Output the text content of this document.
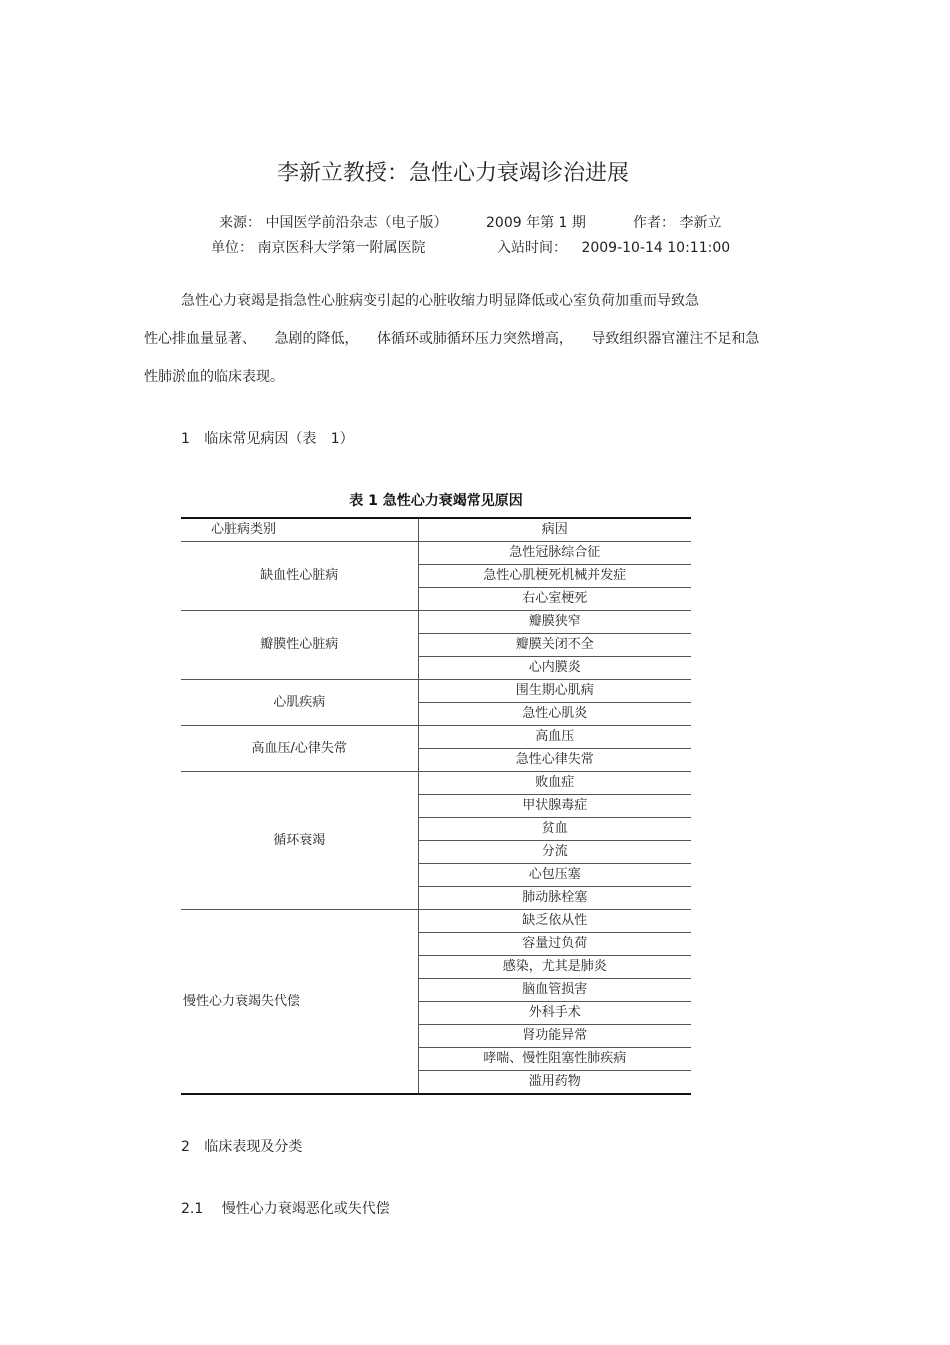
李新立教授：急性心力衰竭诊治进展
来源： 中国医学前沿杂志（电子版）	2009 年第 1 期	作者： 李新立
单位： 南京医科大学第一附属医院	入站时间： 2009-10-14 10:11:00
急性心力衰竭是指急性心脏病变引起的心脏收缩力明显降低或心室负荷加重而导致急
性心排血量显著、 急剧的降低， 体循环或肺循环压力突然增高， 导致组织器官灌注不足和急
性肺淤血的临床表现。
1 临床常见病因（表 1）
表 1 急性心力衰竭常见原因
心脏病类别	病因
缺血性心脏病	急性冠脉综合征
	急性心肌梗死机械并发症
	右心室梗死
瓣膜性心脏病	瓣膜狭窄
	瓣膜关闭不全
	心内膜炎
心肌疾病	围生期心肌病
	急性心肌炎
高血压/心律失常	高血压
	急性心律失常
循环衰竭	败血症
	甲状腺毒症
	贫血
	分流
	心包压塞
	肺动脉栓塞
慢性心力衰竭失代偿	缺乏依从性
	容量过负荷
	感染，尤其是肺炎
	脑血管损害
	外科手术
	肾功能异常
	哮喘、慢性阻塞性肺疾病
	滥用药物
2 临床表现及分类
2.1 慢性心力衰竭恶化或失代偿
